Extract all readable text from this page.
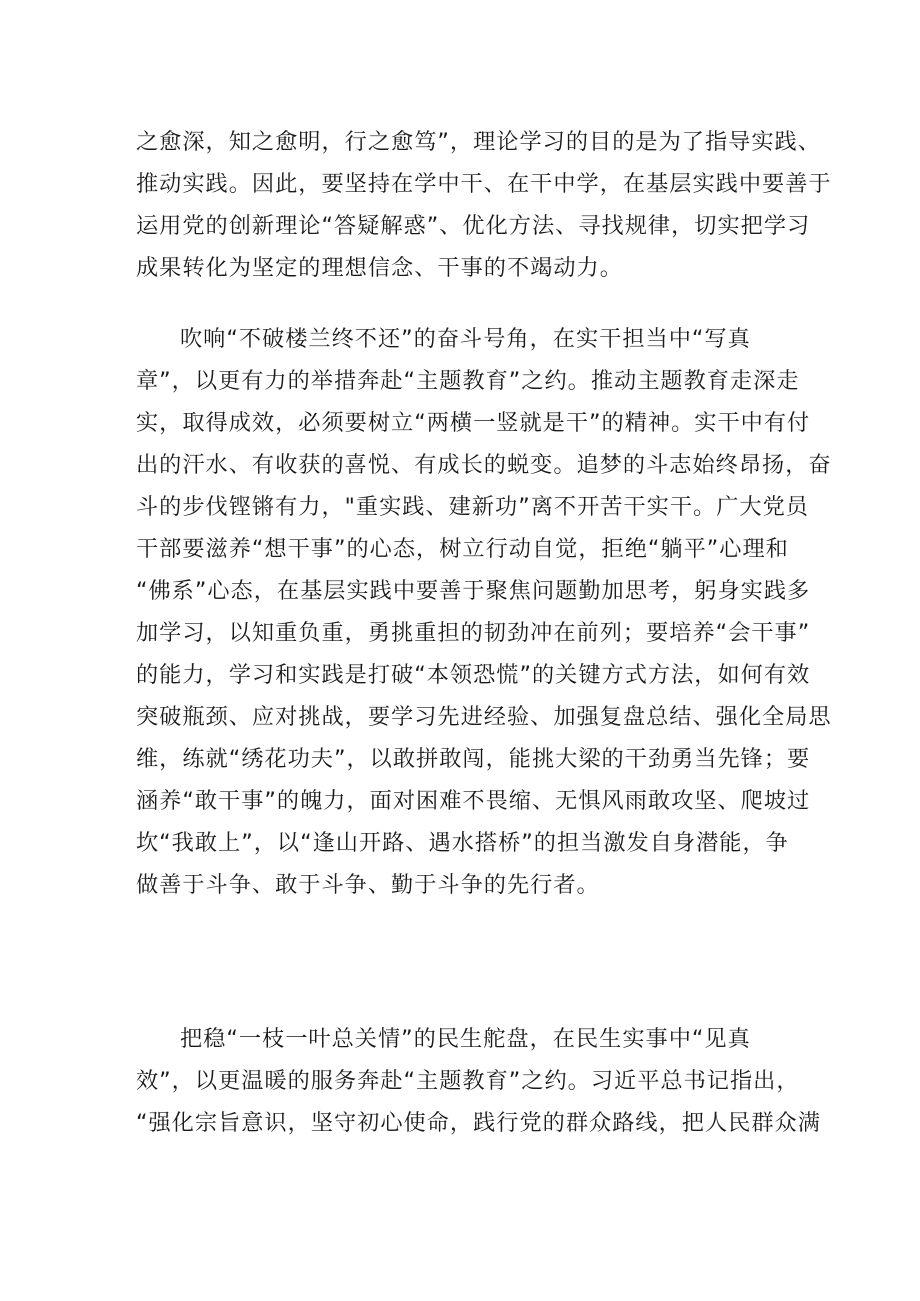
之愈深，知之愈明，行之愈笃”，理论学习的目的是为了指导实践、
推动实践。因此，要坚持在学中干、在干中学，在基层实践中要善于
运用党的创新理论“答疑解惑”、优化方法、寻找规律，切实把学习
成果转化为坚定的理想信念、干事的不竭动力。
吹响“不破楼兰终不还”的奋斗号角，在实干担当中“写真
章”，以更有力的举措奔赴“主题教育”之约。推动主题教育走深走
实，取得成效，必须要树立“两横一竖就是干”的精神。实干中有付
出的汗水、有收获的喜悦、有成长的蜕变。追梦的斗志始终昂扬，奋
斗的步伐铿锵有力，"重实践、建新功”离不开苦干实干。广大党员
干部要滋养“想干事”的心态，树立行动自觉，拒绝“躺平”心理和
“佛系”心态，在基层实践中要善于聚焦问题勤加思考，躬身实践多
加学习，以知重负重，勇挑重担的韧劲冲在前列；要培养“会干事”
的能力，学习和实践是打破“本领恐慌”的关键方式方法，如何有效
突破瓶颈、应对挑战，要学习先进经验、加强复盘总结、强化全局思
维，练就“绣花功夫”，以敢拼敢闯，能挑大梁的干劲勇当先锋；要
涵养“敢干事”的魄力，面对困难不畏缩、无惧风雨敢攻坚、爬坡过
坎“我敢上”，以“逢山开路、遇水搭桥”的担当激发自身潜能，争
做善于斗争、敢于斗争、勤于斗争的先行者。
把稳“一枝一叶总关情”的民生舵盘，在民生实事中“见真
效”，以更温暖的服务奔赴“主题教育”之约。习近平总书记指出，
“强化宗旨意识，坚守初心使命，践行党的群众路线，把人民群众满
